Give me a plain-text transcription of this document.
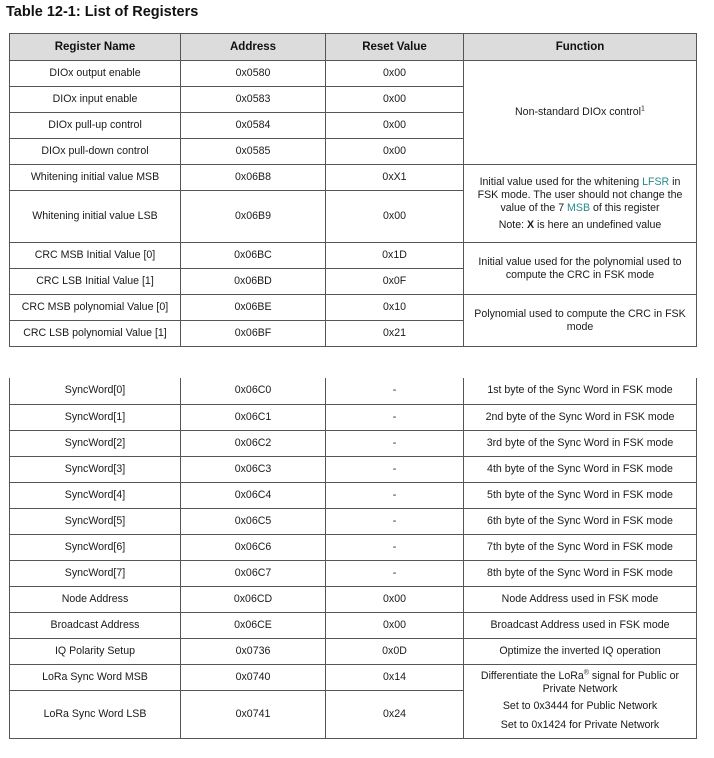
Table 12-1: List of Registers
Register Name	Address	Reset Value	Function
DIOx output enable	0x0580	0x00	Non-standard DIOx control$^1$
DIOx input enable	0x0583	0x00	
DIOx pull-up control	0x0584	0x00	
DIOx pull-down control	0x0585	0x00	
Whitening initial value MSB	0x06B8	0xX1	Initial value used for the whitening LFSR in FSK mode. The user should not change the value of the 7 MSB of this register
Note: X is here an undefined value

Whitening initial value LSB	0x06B9	0x00	
CRC MSB Initial Value [0]	0x06BC	0x1D	Initial value used for the polynomial used to compute the CRC in FSK mode
CRC LSB Initial Value [1]	0x06BD	0x0F	
CRC MSB polynomial Value [0]	0x06BE	0x10	Polynomial used to compute the CRC in FSK mode
CRC LSB polynomial Value [1]	0x06BF	0x21	
SyncWord[0]	0x06C0	-	1st byte of the Sync Word in FSK mode
SyncWord[1]	0x06C1	-	2nd byte of the Sync Word in FSK mode
SyncWord[2]	0x06C2	-	3rd byte of the Sync Word in FSK mode
SyncWord[3]	0x06C3	-	4th byte of the Sync Word in FSK mode
SyncWord[4]	0x06C4	-	5th byte of the Sync Word in FSK mode
SyncWord[5]	0x06C5	-	6th byte of the Sync Word in FSK mode
SyncWord[6]	0x06C6	-	7th byte of the Sync Word in FSK mode
SyncWord[7]	0x06C7	-	8th byte of the Sync Word in FSK mode
Node Address	0x06CD	0x00	Node Address used in FSK mode
Broadcast Address	0x06CE	0x00	Broadcast Address used in FSK mode
IQ Polarity Setup	0x0736	0x0D	Optimize the inverted IQ operation
LoRa Sync Word MSB	0x0740	0x14	Differentiate the LoRa® signal for Public or Private Network
Set to 0x3444 for Public Network
Set to 0x1424 for Private Network

LoRa Sync Word LSB	0x0741	0x24	
